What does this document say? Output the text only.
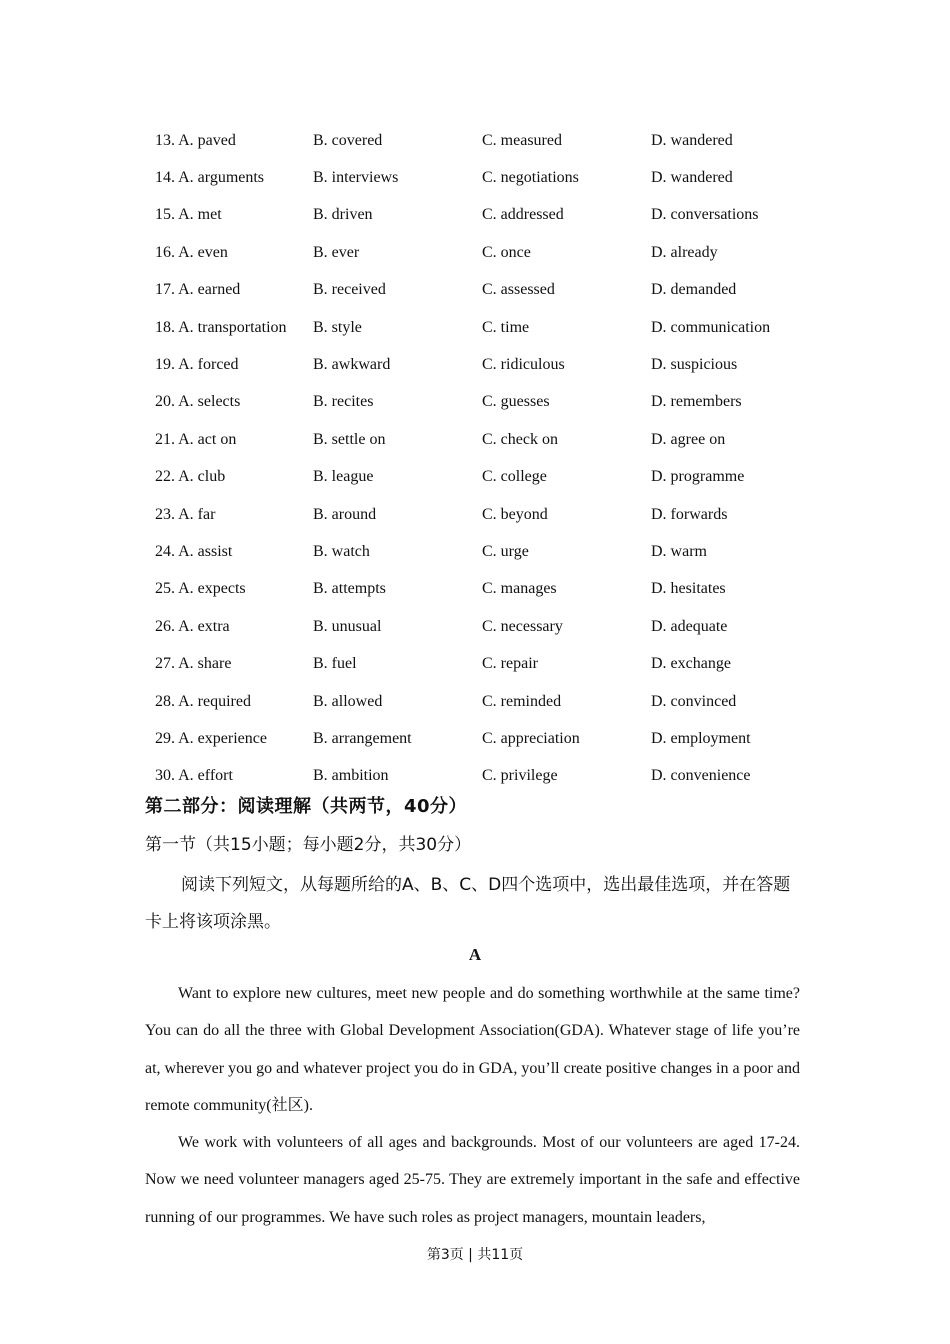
13. A. paved	B. covered	C. measured	D. wandered
14. A. arguments	B. interviews	C. negotiations	D. wandered
15. A. met	B. driven	C. addressed	D. conversations
16. A. even	B. ever	C. once	D. already
17. A. earned	B. received	C. assessed	D. demanded
18. A. transportation	B. style	C. time	D. communication
19. A. forced	B. awkward	C. ridiculous	D. suspicious
20. A. selects	B. recites	C. guesses	D. remembers
21. A. act on	B. settle on	C. check on	D. agree on
22. A. club	B. league	C. college	D. programme
23. A. far	B. around	C. beyond	D. forwards
24. A. assist	B. watch	C. urge	D. warm
25. A. expects	B. attempts	C. manages	D. hesitates
26. A. extra	B. unusual	C. necessary	D. adequate
27. A. share	B. fuel	C. repair	D. exchange
28. A. required	B. allowed	C. reminded	D. convinced
29. A. experience	B. arrangement	C. appreciation	D. employment
30. A. effort	B. ambition	C. privilege	D. convenience
第二部分：阅读理解（共两节，40分）
第一节（共15小题；每小题2分，共30分）
阅读下列短文，从每题所给的A、B、C、D四个选项中，选出最佳选项，并在答题卡上将该项涂黑。
A
Want to explore new cultures, meet new people and do something worthwhile at the same time? You can do all the three with Global Development Association(GDA). Whatever stage of life you’re at, wherever you go and whatever project you do in GDA, you’ll create positive changes in a poor and remote community(社区).
We work with volunteers of all ages and backgrounds. Most of our volunteers are aged 17-24. Now we need volunteer managers aged 25-75. They are extremely important in the safe and effective running of our programmes. We have such roles as project managers, mountain leaders,
第3页 | 共11页
